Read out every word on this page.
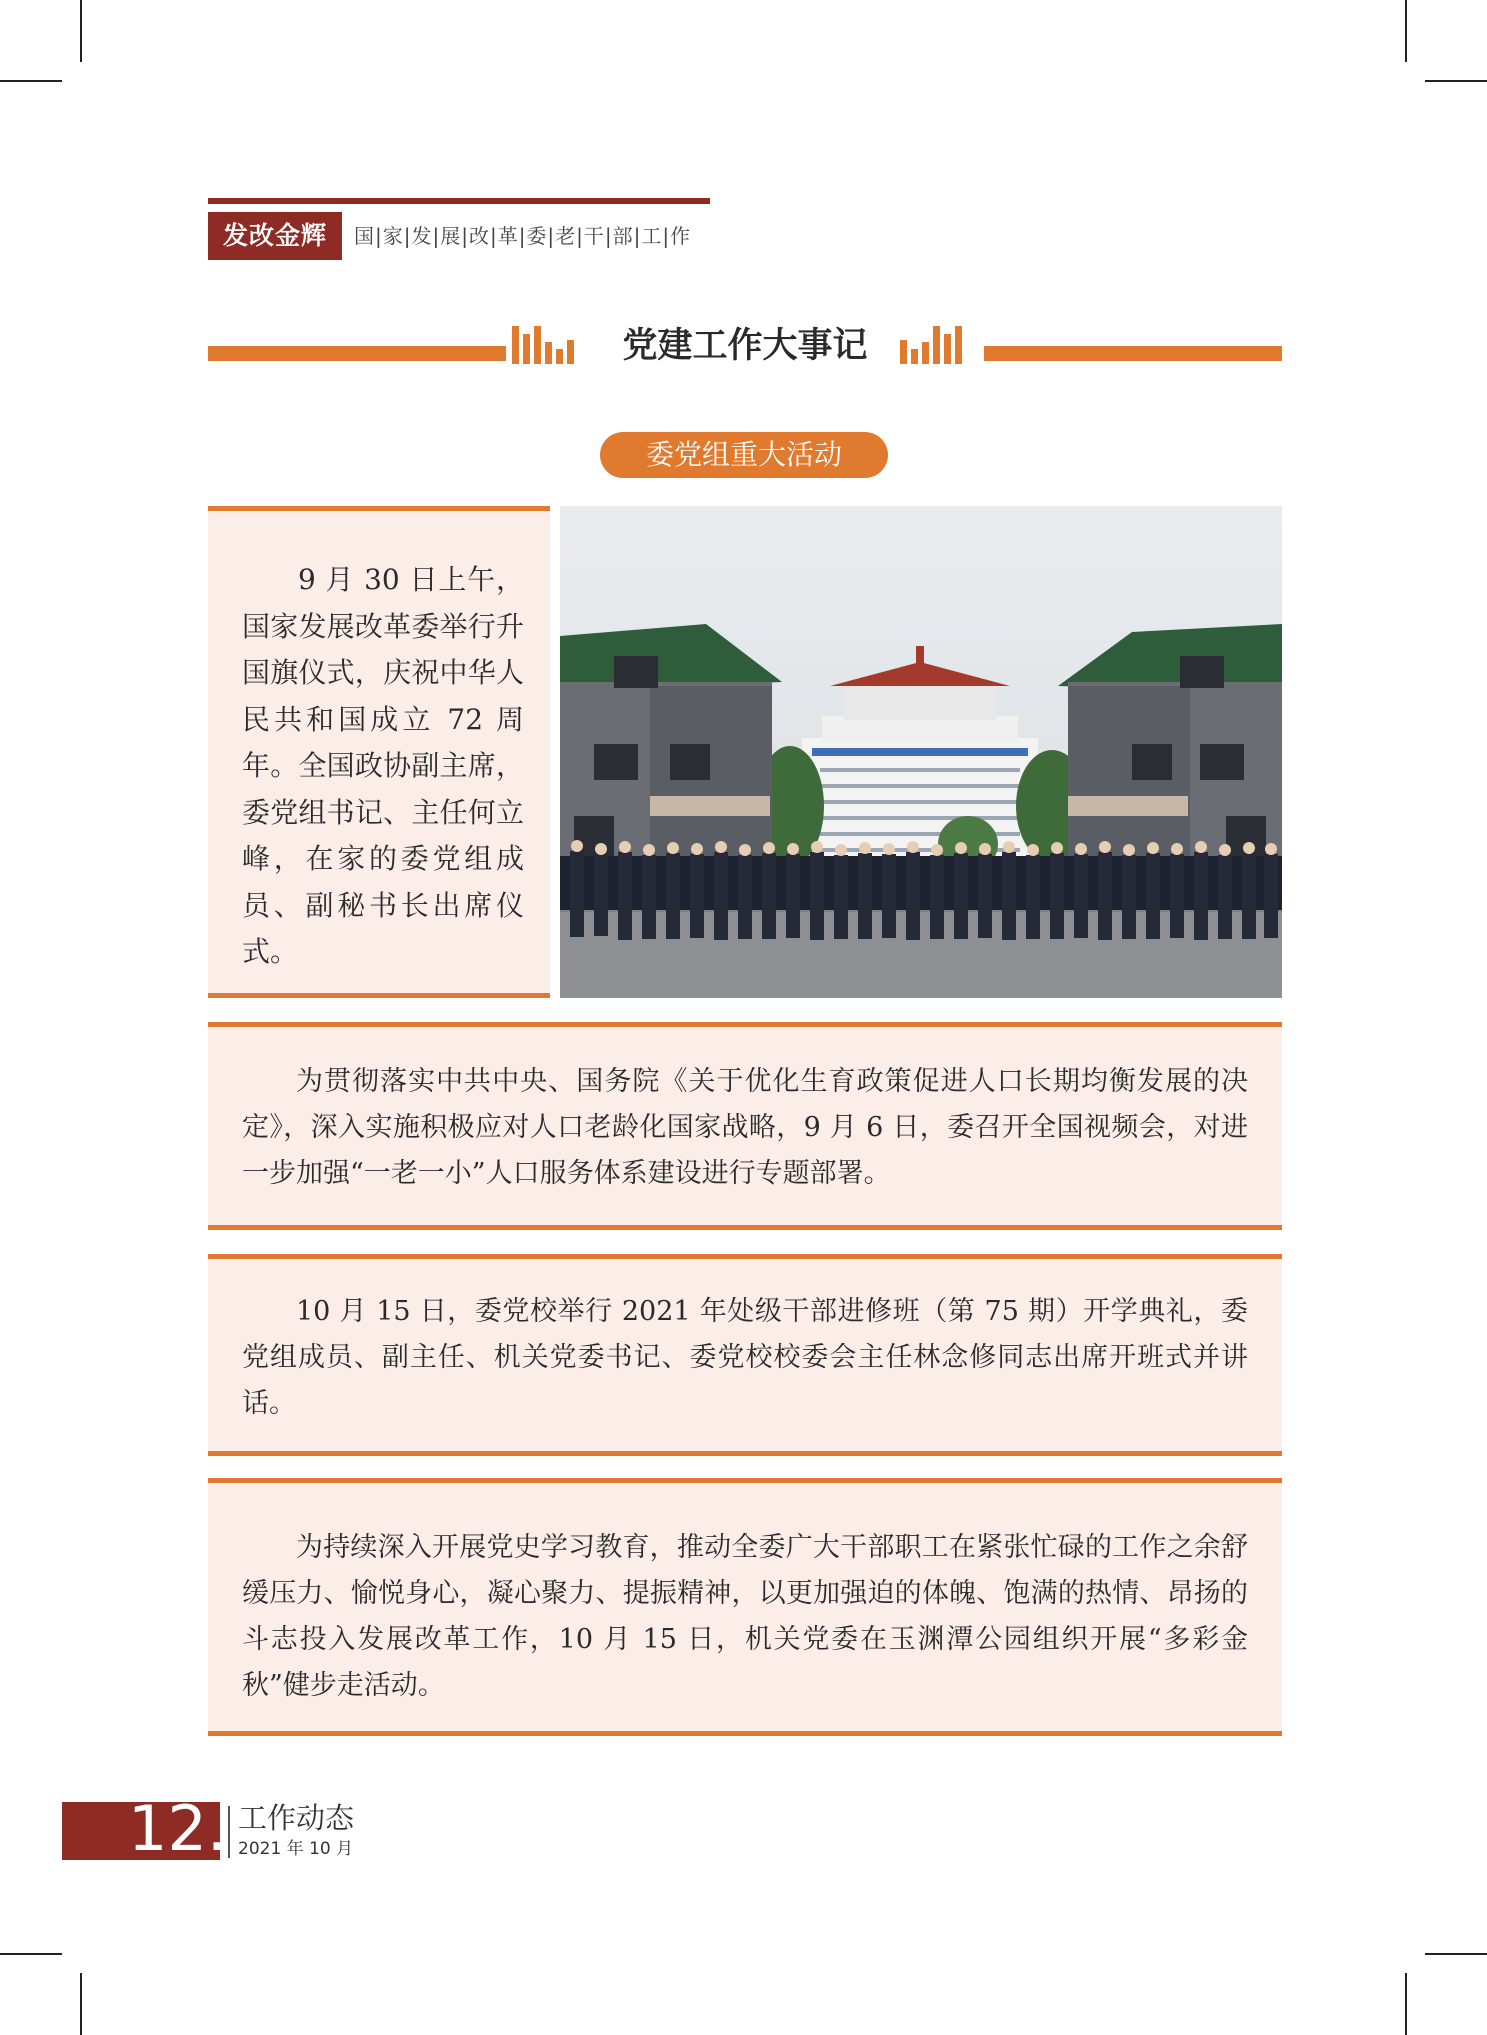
发改金辉	国|家|发|展|改|革|委|老|干|部|工|作
党建工作大事记
委党组重大活动

9 月 30 日上午，国家发展改革委举行升国旗仪式，庆祝中华人民共和国成立 72 周年。全国政协副主席，委党组书记、主任何立峰，在家的委党组成员、副秘书长出席仪式。

为贯彻落实中共中央、国务院《关于优化生育政策促进人口长期均衡发展的决定》，深入实施积极应对人口老龄化国家战略，9 月 6 日，委召开全国视频会，对进一步加强“一老一小”人口服务体系建设进行专题部署。

10 月 15 日，委党校举行 2021 年处级干部进修班（第 75 期）开学典礼，委党组成员、副主任、机关党委书记、委党校校委会主任林念修同志出席开班式并讲话。

为持续深入开展党史学习教育，推动全委广大干部职工在紧张忙碌的工作之余舒缓压力、愉悦身心，凝心聚力、提振精神，以更加强迫的体魄、饱满的热情、昂扬的斗志投入发展改革工作，10 月 15 日，机关党委在玉渊潭公园组织开展“多彩金秋”健步走活动。

12. 工作动态
2021 年 10 月
